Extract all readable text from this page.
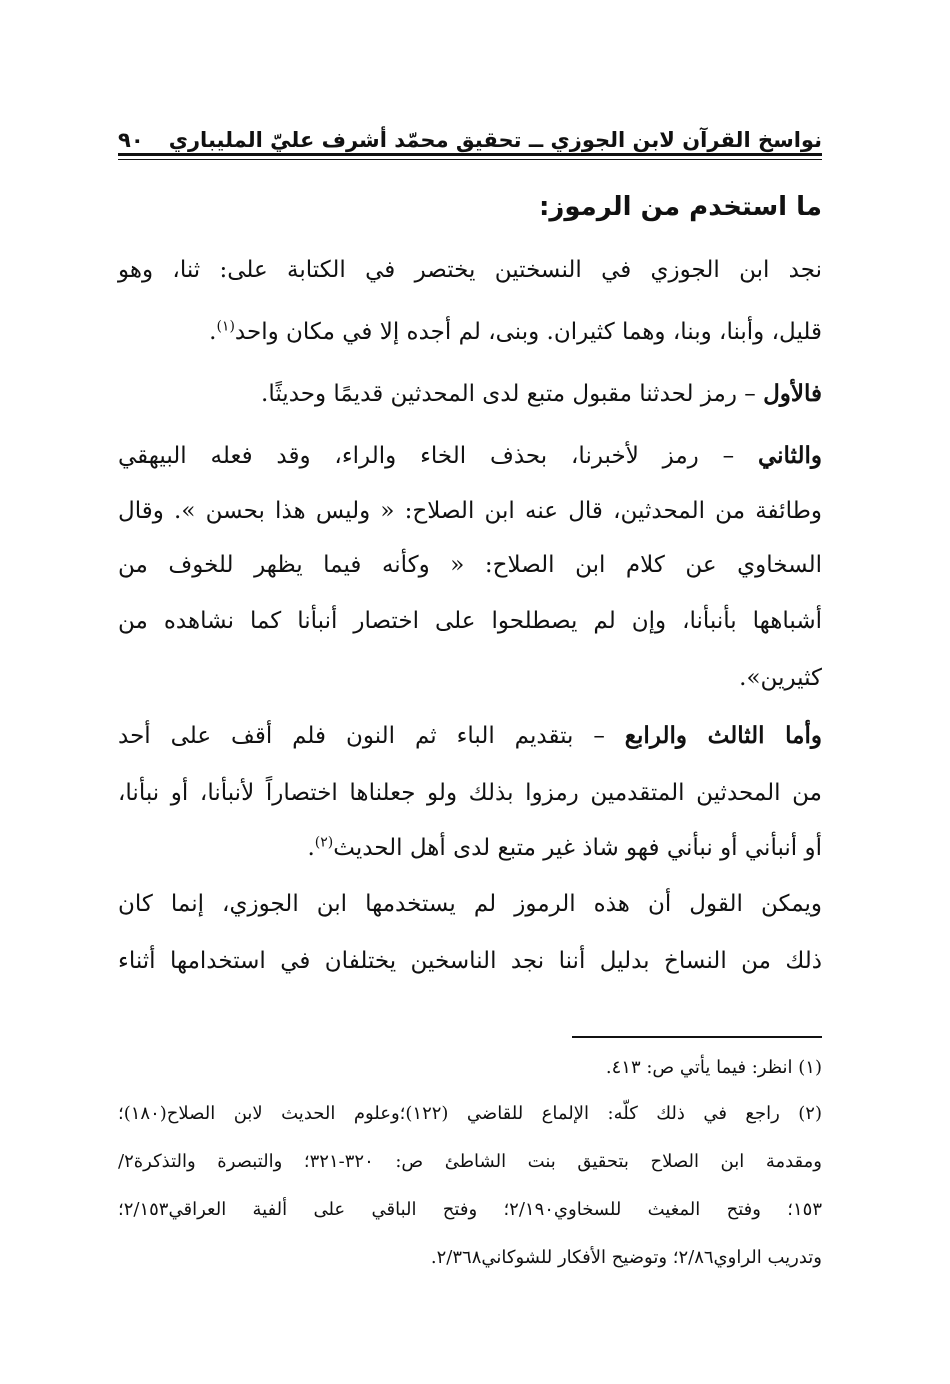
نواسخ القرآن لابن الجوزي ــ تحقيق محمّد أشرف عليّ المليباري
٩٠
ما استخدم من الرموز:
نجد ابن الجوزي في النسختين يختصر في الكتابة على: ثنا، وهو
قليل، وأبنا، وبنا، وهما كثيران. وبنى، لم أجده إلا في مكان واحد$^{(١)}$.
فالأول – رمز لحدثنا مقبول متبع لدى المحدثين قديمًا وحديثًا.
والثاني – رمز لأخبرنا، بحذف الخاء والراء، وقد فعله البيهقي
وطائفة من المحدثين، قال عنه ابن الصلاح: « وليس هذا بحسن ». وقال
السخاوي عن كلام ابن الصلاح: « وكأنه فيما يظهر للخوف من
أشباهها بأنبأنا، وإن لم يصطلحوا على اختصار أنبأنا كما نشاهده من
كثيرين».
وأما الثالث والرابع – بتقديم الباء ثم النون فلم أقف على أحد
من المحدثين المتقدمين رمزوا بذلك ولو جعلناها اختصاراً لأنبأنا، أو نبأنا،
أو أنبأني أو نبأني فهو شاذ غير متبع لدى أهل الحديث$^{(٢)}$.
ويمكن القول أن هذه الرموز لم يستخدمها ابن الجوزي، إنما كان
ذلك من النساخ بدليل أننا نجد الناسخين يختلفان في استخدامها أثناء
(١) انظر: فيما يأتي ص: ٤١٣.
(٢) راجع في ذلك كلّه: الإلماع للقاضي (١٢٢)؛وعلوم الحديث لابن الصلاح(١٨٠)؛
ومقدمة ابن الصلاح بتحقيق بنت الشاطئ ص: ٣٢٠-٣٢١؛ والتبصرة والتذكرة٢/
١٥٣؛ وفتح المغيث للسخاوي٢/١٩٠؛ وفتح الباقي على ألفية العراقي٢/١٥٣؛
وتدريب الراوي٢/٨٦؛ وتوضيح الأفكار للشوكاني٢/٣٦٨.
